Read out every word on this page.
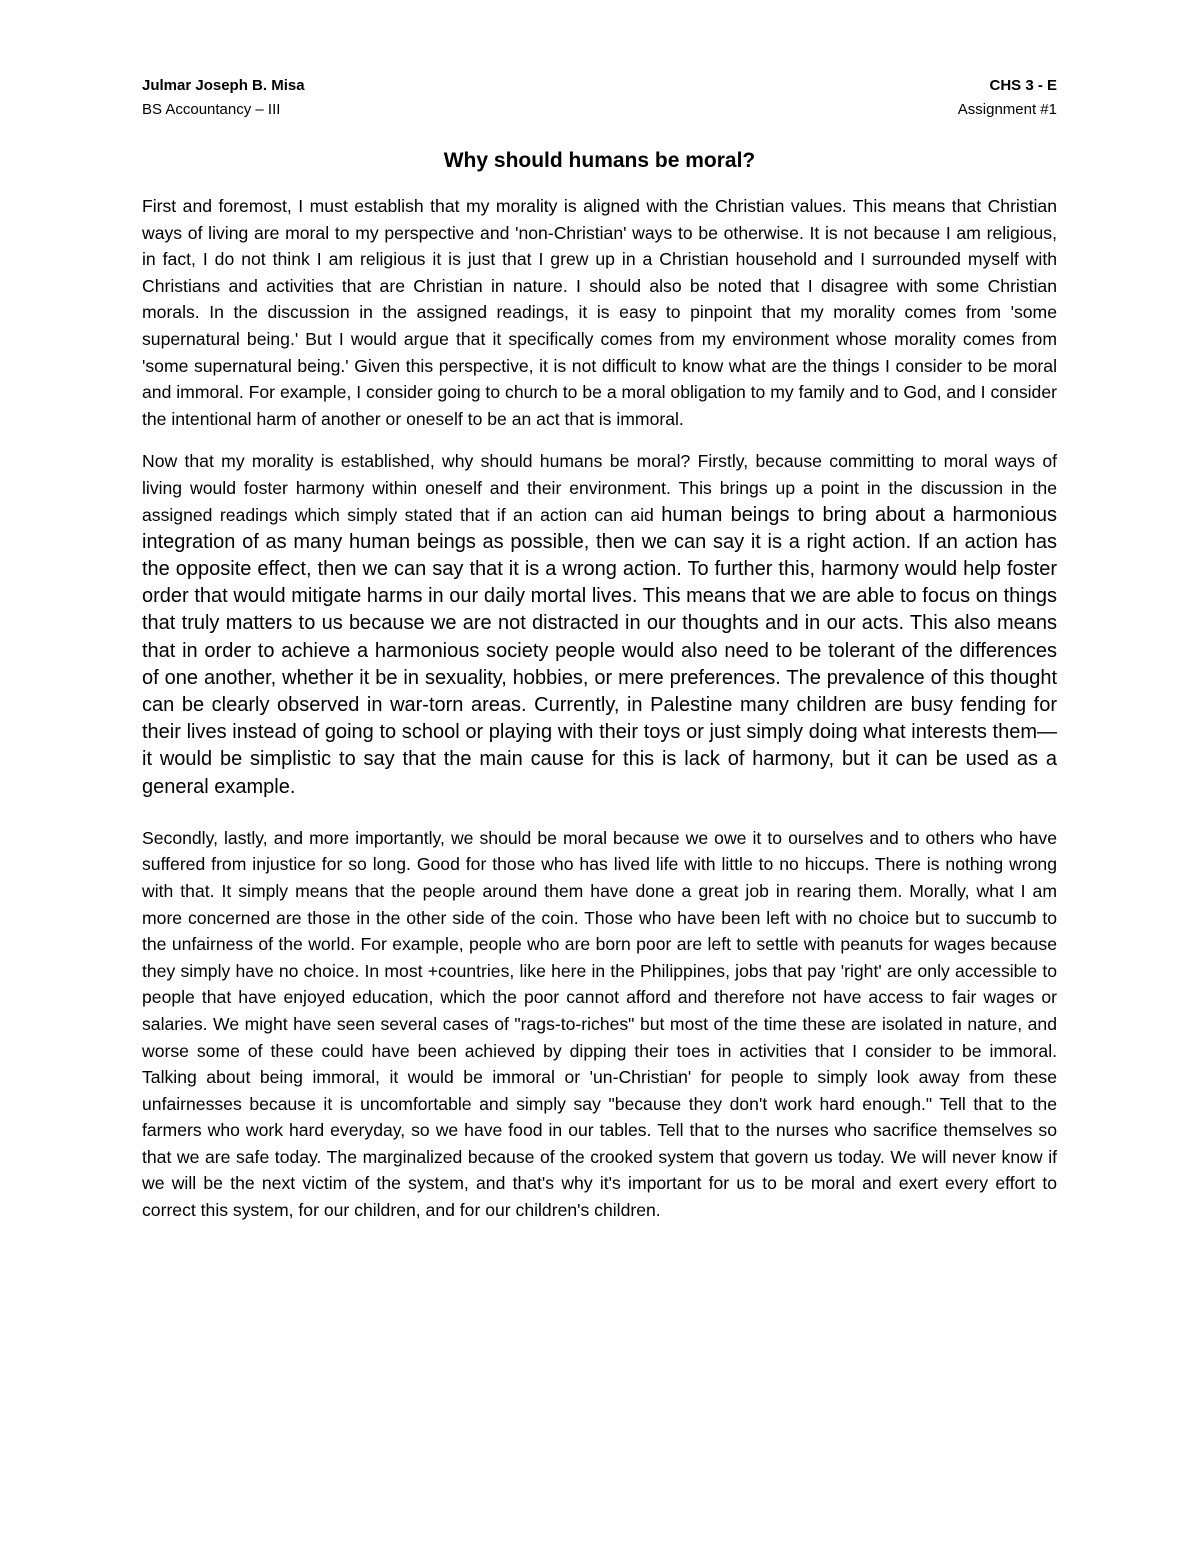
Julmar Joseph B. Misa	CHS 3 - E
BS Accountancy – III	Assignment #1
Why should humans be moral?

First and foremost, I must establish that my morality is aligned with the Christian values. This means that Christian ways of living are moral to my perspective and 'non-Christian' ways to be otherwise. It is not because I am religious, in fact, I do not think I am religious it is just that I grew up in a Christian household and I surrounded myself with Christians and activities that are Christian in nature. I should also be noted that I disagree with some Christian morals. In the discussion in the assigned readings, it is easy to pinpoint that my morality comes from 'some supernatural being.' But I would argue that it specifically comes from my environment whose morality comes from 'some supernatural being.' Given this perspective, it is not difficult to know what are the things I consider to be moral and immoral. For example, I consider going to church to be a moral obligation to my family and to God, and I consider the intentional harm of another or oneself to be an act that is immoral.

Now that my morality is established, why should humans be moral? Firstly, because committing to moral ways of living would foster harmony within oneself and their environment. This brings up a point in the discussion in the assigned readings which simply stated that if an action can aid human beings to bring about a harmonious integration of as many human beings as possible, then we can say it is a right action. If an action has the opposite effect, then we can say that it is a wrong action. To further this, harmony would help foster order that would mitigate harms in our daily mortal lives. This means that we are able to focus on things that truly matters to us because we are not distracted in our thoughts and in our acts. This also means that in order to achieve a harmonious society people would also need to be tolerant of the differences of one another, whether it be in sexuality, hobbies, or mere preferences. The prevalence of this thought can be clearly observed in war-torn areas. Currently, in Palestine many children are busy fending for their lives instead of going to school or playing with their toys or just simply doing what interests them—it would be simplistic to say that the main cause for this is lack of harmony, but it can be used as a general example.

Secondly, lastly, and more importantly, we should be moral because we owe it to ourselves and to others who have suffered from injustice for so long. Good for those who has lived life with little to no hiccups. There is nothing wrong with that. It simply means that the people around them have done a great job in rearing them. Morally, what I am more concerned are those in the other side of the coin. Those who have been left with no choice but to succumb to the unfairness of the world. For example, people who are born poor are left to settle with peanuts for wages because they simply have no choice. In most +countries, like here in the Philippines, jobs that pay 'right' are only accessible to people that have enjoyed education, which the poor cannot afford and therefore not have access to fair wages or salaries. We might have seen several cases of "rags-to-riches" but most of the time these are isolated in nature, and worse some of these could have been achieved by dipping their toes in activities that I consider to be immoral. Talking about being immoral, it would be immoral or 'un-Christian' for people to simply look away from these unfairnesses because it is uncomfortable and simply say "because they don't work hard enough." Tell that to the farmers who work hard everyday, so we have food in our tables. Tell that to the nurses who sacrifice themselves so that we are safe today. The marginalized because of the crooked system that govern us today. We will never know if we will be the next victim of the system, and that's why it's important for us to be moral and exert every effort to correct this system, for our children, and for our children's children.
